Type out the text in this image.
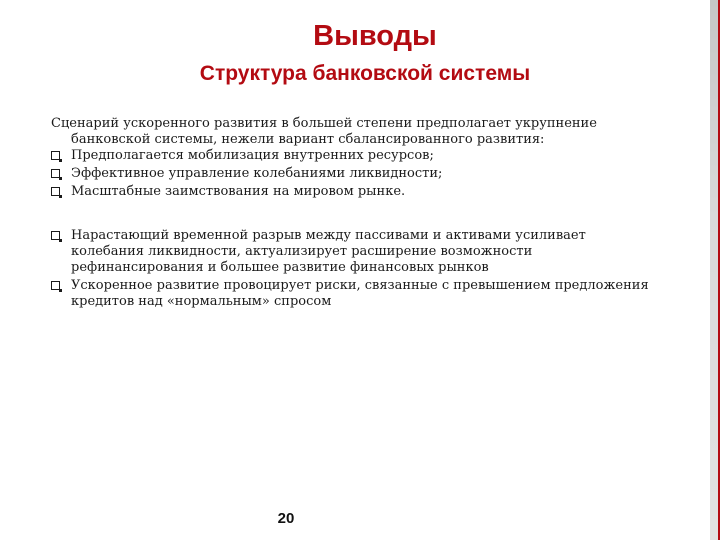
Выводы
Структура банковской системы

Сценарий ускоренного развития в большей степени предполагает укрупнение
банковской системы, нежели вариант сбалансированного развития:

Предполагается мобилизация внутренних ресурсов;
Эффективное управление колебаниями ликвидности;
Масштабные заимствования на мировом рынке.
Нарастающий временной разрыв между пассивами и активами усиливает колебания ликвидности, актуализирует расширение возможности рефинансирования и большее развитие финансовых рынков
Ускоренное развитие провоцирует риски, связанные с превышением предложения кредитов над «нормальным» спросом
20
